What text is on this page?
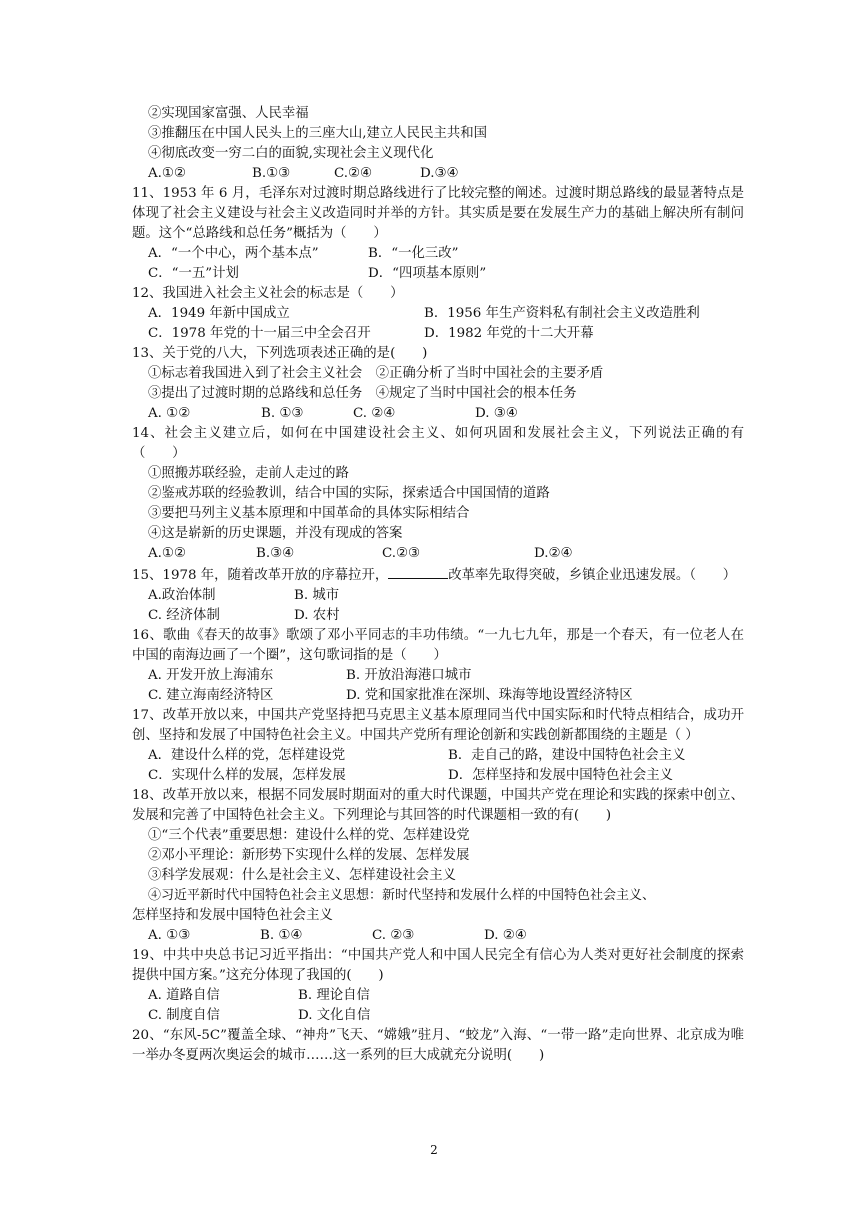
②实现国家富强、人民幸福

③推翻压在中国人民头上的三座大山,建立人民民主共和国

④彻底改变一穷二白的面貌,实现社会主义现代化

A.①②	B.①③	C.②④	D.③④

11、1953 年 6 月，毛泽东对过渡时期总路线进行了比较完整的阐述。过渡时期总路线的最显著特点是体现了社会主义建设与社会主义改造同时并举的方针。其实质是要在发展生产力的基础上解决所有制问题。这个“总路线和总任务”概括为（　　）

A．“一个中心，两个基本点”	B．“一化三改”
C．“一五”计划	D．“四项基本原则”

12、我国进入社会主义社会的标志是（　　）

A．1949 年新中国成立	B．1956 年生产资料私有制社会主义改造胜利
C．1978 年党的十一届三中全会召开	D．1982 年党的十二大开幕

13、关于党的八大，下列选项表述正确的是(　　)

①标志着我国进入到了社会主义社会　②正确分析了当时中国社会的主要矛盾

③提出了过渡时期的总路线和总任务　④规定了当时中国社会的根本任务

A. ①②	B. ①③	C. ②④	D. ③④

14、社会主义建立后，如何在中国建设社会主义、如何巩固和发展社会主义，下列说法正确的有（　　）

①照搬苏联经验，走前人走过的路

②鉴戒苏联的经验教训，结合中国的实际，探索适合中国国情的道路

③要把马列主义基本原理和中国革命的具体实际相结合

④这是崭新的历史课题，并没有现成的答案

A.①②	B.③④	C.②③	D.②④

15、1978 年，随着改革开放的序幕拉开，	改革率先取得突破，乡镇企业迅速发展。（　　）

A.政治体制	B. 城市
C. 经济体制	D. 农村

16、歌曲《春天的故事》歌颂了邓小平同志的丰功伟绩。“一九七九年，那是一个春天，有一位老人在中国的南海边画了一个圈”，这句歌词指的是（　　）

A. 开发开放上海浦东	B. 开放沿海港口城市
C. 建立海南经济特区	D. 党和国家批准在深圳、珠海等地设置经济特区

17、改革开放以来，中国共产党坚持把马克思主义基本原理同当代中国实际和时代特点相结合，成功开创、坚持和发展了中国特色社会主义。中国共产党所有理论创新和实践创新都围绕的主题是（ ）

A．建设什么样的党，怎样建设党	B．走自己的路，建设中国特色社会主义
C．实现什么样的发展，怎样发展	D．怎样坚持和发展中国特色社会主义

18、改革开放以来，根据不同发展时期面对的重大时代课题，中国共产党在理论和实践的探索中创立、发展和完善了中国特色社会主义。下列理论与其回答的时代课题相一致的有(　　)

①“三个代表”重要思想：建设什么样的党、怎样建设党

②邓小平理论：新形势下实现什么样的发展、怎样发展

③科学发展观：什么是社会主义、怎样建设社会主义

④习近平新时代中国特色社会主义思想：新时代坚持和发展什么样的中国特色社会主义、

怎样坚持和发展中国特色社会主义

A. ①③	B. ①④	C. ②③	D. ②④

19、中共中央总书记习近平指出：“中国共产党人和中国人民完全有信心为人类对更好社会制度的探索提供中国方案。”这充分体现了我国的(　　)

A. 道路自信	B. 理论自信
C. 制度自信	D. 文化自信

20、“东风-5C”覆盖全球、“神舟”飞天、“嫦娥”驻月、“蛟龙”入海、“一带一路”走向世界、北京成为唯一举办冬夏两次奥运会的城市……这一系列的巨大成就充分说明(　　)

2
